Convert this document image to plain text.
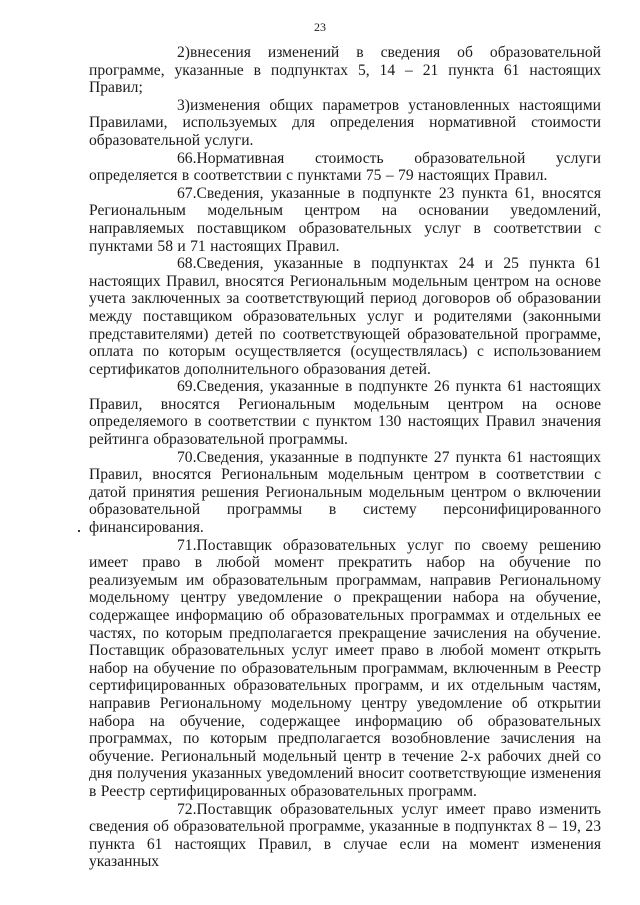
23

2)внесения изменений в сведения об образовательной программе, указанные в подпунктах 5, 14 – 21 пункта 61 настоящих Правил;

3)изменения общих параметров установленных настоящими Правилами, используемых для определения нормативной стоимости образовательной услуги.

66.Нормативная стоимость образовательной услуги определяется в соответствии с пунктами 75 – 79 настоящих Правил.

67.Сведения, указанные в подпункте 23 пункта 61, вносятся Региональным модельным центром на основании уведомлений, направляемых поставщиком образовательных услуг в соответствии с пунктами 58 и 71 настоящих Правил.

68.Сведения, указанные в подпунктах 24 и 25 пункта 61 настоящих Правил, вносятся Региональным модельным центром на основе учета заключенных за соответствующий период договоров об образовании между поставщиком образовательных услуг и родителями (законными представителями) детей по соответствующей образовательной программе, оплата по которым осуществляется (осуществлялась) с использованием сертификатов дополнительного образования детей.

69.Сведения, указанные в подпункте 26 пункта 61 настоящих Правил, вносятся Региональным модельным центром на основе определяемого в соответствии с пунктом 130 настоящих Правил значения рейтинга образовательной программы.

70.Сведения, указанные в подпункте 27 пункта 61 настоящих Правил, вносятся Региональным модельным центром в соответствии с датой принятия решения Региональным модельным центром о включении образовательной программы в систему персонифицированного финансирования.

71.Поставщик образовательных услуг по своему решению имеет право в любой момент прекратить набор на обучение по реализуемым им образовательным программам, направив Региональному модельному центру уведомление о прекращении набора на обучение, содержащее информацию об образовательных программах и отдельных ее частях, по которым предполагается прекращение зачисления на обучение. Поставщик образовательных услуг имеет право в любой момент открыть набор на обучение по образовательным программам, включенным в Реестр сертифицированных образовательных программ, и их отдельным частям, направив Региональному модельному центру уведомление об открытии набора на обучение, содержащее информацию об образовательных программах, по которым предполагается возобновление зачисления на обучение. Региональный модельный центр в течение 2-х рабочих дней со дня получения указанных уведомлений вносит соответствующие изменения в Реестр сертифицированных образовательных программ.

72.Поставщик образовательных услуг имеет право изменить сведения об образовательной программе, указанные в подпунктах 8 – 19, 23 пункта 61 настоящих Правил, в случае если на момент изменения указанных
